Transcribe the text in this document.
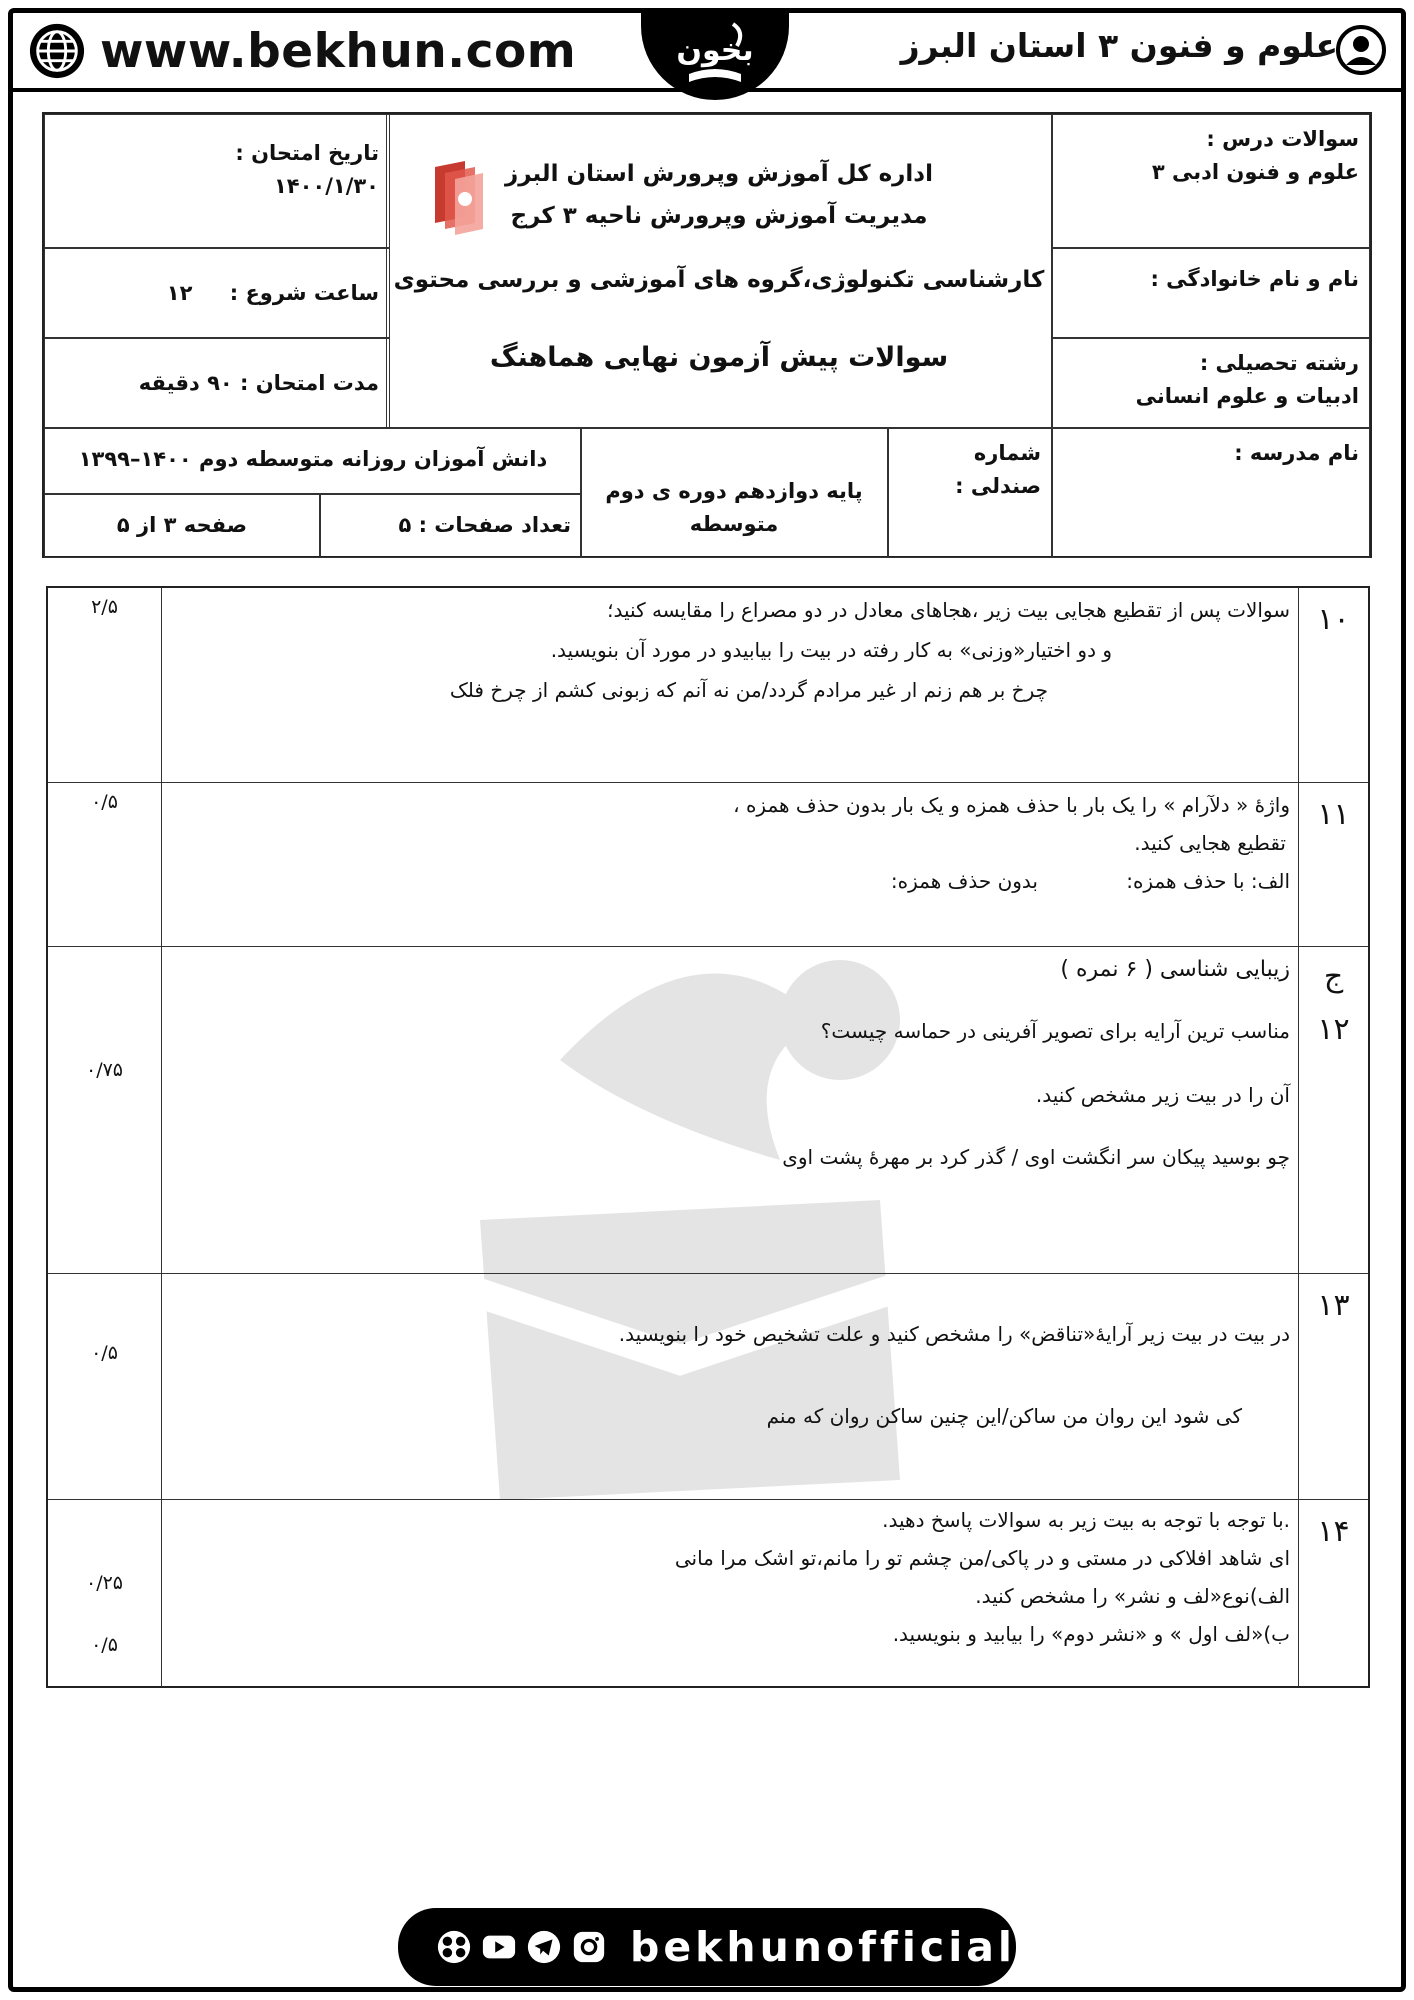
www.bekhun.com	بخون	علوم و فنون ۳ استان البرز
سوالات درس :
علوم و فنون ادبی ۳
نام و نام خانوادگی :
رشته تحصیلی :
ادبیات و علوم انسانی
نام مدرسه :
اداره کل آموزش وپرورش استان البرز
مدیریت آموزش وپرورش ناحیه ۳ کرج
کارشناسی تکنولوژی،گروه های آموزشی و بررسی محتوی
سوالات پیش آزمون نهایی هماهنگ
تاریخ امتحان :
۱۴۰۰/۱/۳۰
ساعت شروع : ۱۲
مدت امتحان : ۹۰ دقیقه
شماره صندلی :
پایه دوازدهم دوره ی دوم متوسطه
دانش آموزان روزانه متوسطه دوم ۱۴۰۰–۱۳۹۹
تعداد صفحات : ۵
صفحه ۳ از ۵
۱۰
سوالات پس از تقطیع هجایی بیت زیر ،هجاهای معادل در دو مصراع را مقایسه کنید؛
و دو اختیار«وزنی» به کار رفته در بیت را بیابیدو در مورد آن بنویسید.
چرخ بر هم زنم ار غیر مرادم گردد/من نه آنم که زبونی کشم از چرخ فلک
۲/۵
۱۱
واژۀ « دلآرام » را یک بار با حذف همزه و یک بار بدون حذف همزه ،
تقطیع هجایی کنید.
الف: با حذف همزه:
بدون حذف همزه:
۰/۵
ج
۱۲
زیبایی شناسی ( ۶ نمره )
مناسب ترین آرایه برای تصویر آفرینی در حماسه چیست؟
آن را در بیت زیر مشخص کنید.
چو بوسید پیکان سر انگشت اوی / گذر کرد بر مهرۀ پشت اوی
۰/۷۵
۱۳
در بیت در بیت زیر آرایۀ«تناقض» را مشخص کنید و علت تشخیص خود را بنویسید.
کی شود این روان من ساکن/این چنین ساکن روان که منم
۰/۵
۱۴
.با توجه با توجه به بیت زیر به سوالات پاسخ دهید.
ای شاهد افلاکی در مستی و در پاکی/من چشم تو را مانم،تو اشک مرا مانی
الف)نوع«لف و نشر» را مشخص کنید.
ب)«لف اول » و «نشر دوم» را بیابید و بنویسید.
۰/۲۵
۰/۵
bekhunofficial
